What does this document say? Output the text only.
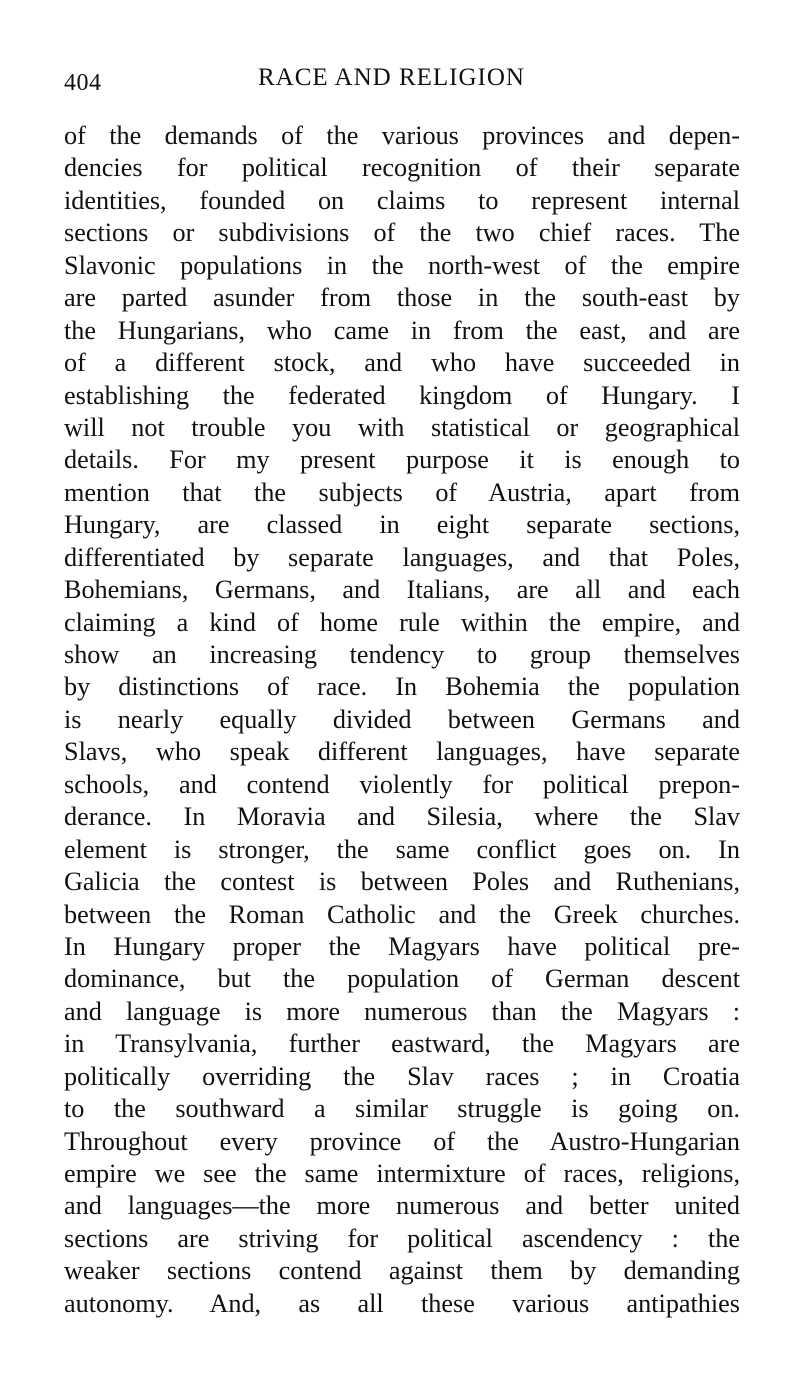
404	RACE AND RELIGION
of the demands of the various provinces and depen-
dencies for political recognition of their separate
identities, founded on claims to represent internal
sections or subdivisions of the two chief races. The
Slavonic populations in the north-west of the empire
are parted asunder from those in the south-east by
the Hungarians, who came in from the east, and are
of a different stock, and who have succeeded in
establishing the federated kingdom of Hungary. I
will not trouble you with statistical or geographical
details. For my present purpose it is enough to
mention that the subjects of Austria, apart from
Hungary, are classed in eight separate sections,
differentiated by separate languages, and that Poles,
Bohemians, Germans, and Italians, are all and each
claiming a kind of home rule within the empire, and
show an increasing tendency to group themselves
by distinctions of race. In Bohemia the population
is nearly equally divided between Germans and
Slavs, who speak different languages, have separate
schools, and contend violently for political prepon-
derance. In Moravia and Silesia, where the Slav
element is stronger, the same conflict goes on. In
Galicia the contest is between Poles and Ruthenians,
between the Roman Catholic and the Greek churches.
In Hungary proper the Magyars have political pre-
dominance, but the population of German descent
and language is more numerous than the Magyars :
in Transylvania, further eastward, the Magyars are
politically overriding the Slav races ; in Croatia
to the southward a similar struggle is going on.
Throughout every province of the Austro-Hungarian
empire we see the same intermixture of races, religions,
and languages—the more numerous and better united
sections are striving for political ascendency : the
weaker sections contend against them by demanding
autonomy. And, as all these various antipathies
